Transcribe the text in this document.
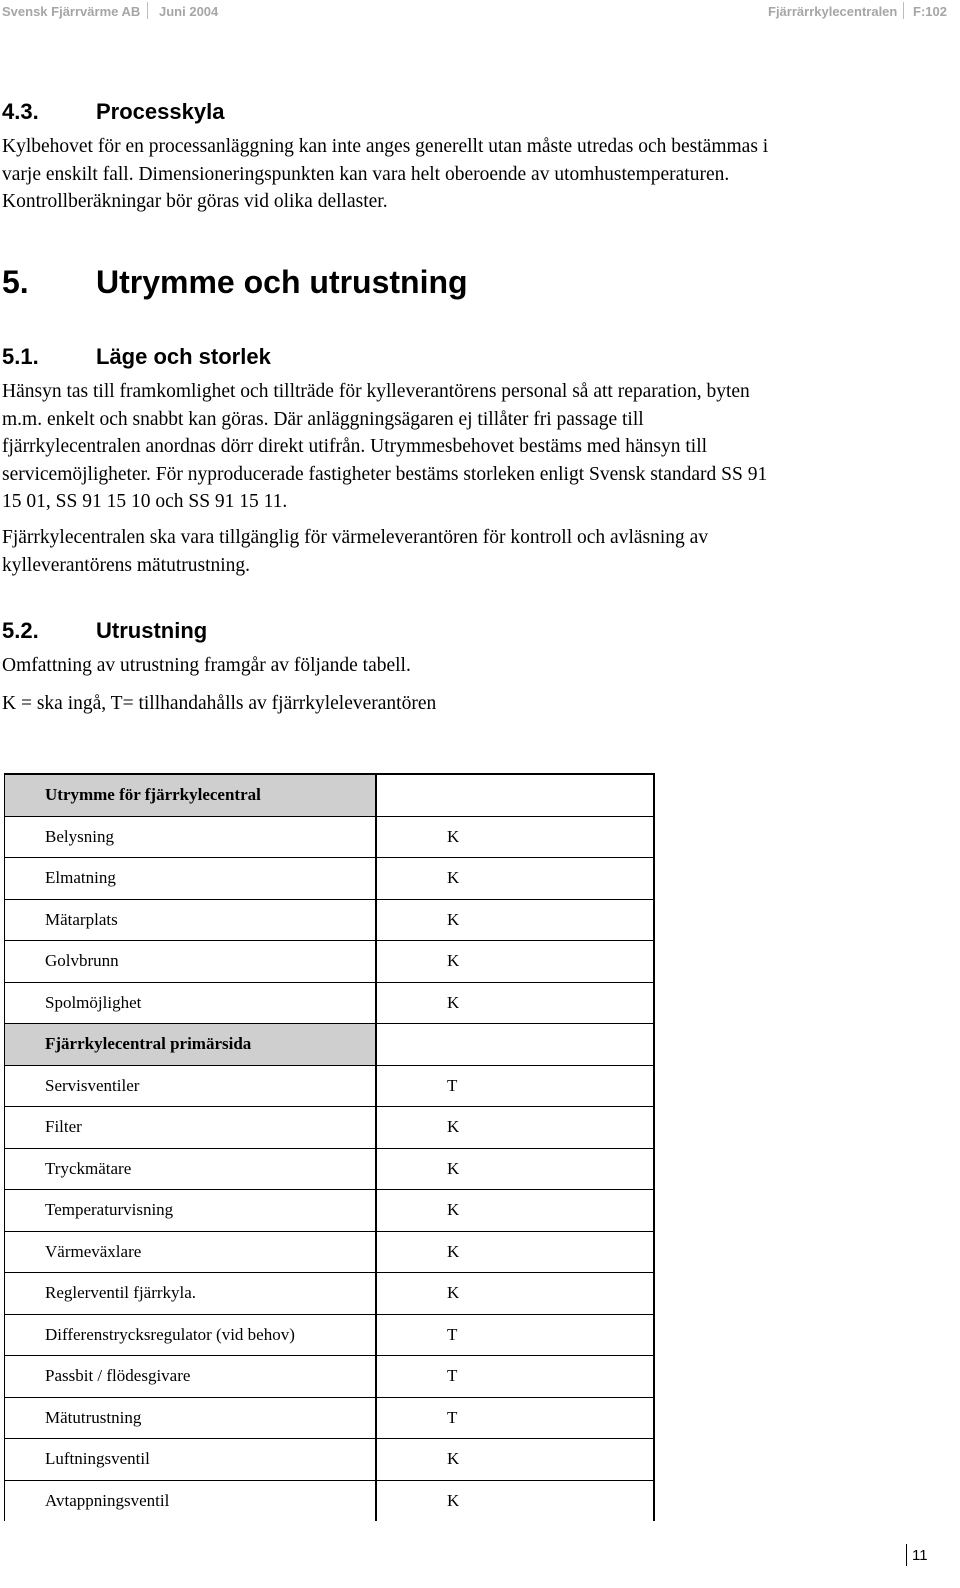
Svensk Fjärrvärme AB Juni 2004	Fjärrärrkylecentralen F:102
4.3.	Processkyla

Kylbehovet för en processanläggning kan inte anges generellt utan måste utredas och bestämmas i varje enskilt fall. Dimensioneringspunkten kan vara helt oberoende av utomhustemperaturen. Kontrollberäkningar bör göras vid olika dellaster.

5. Utrymme och utrustning
5.1.	Läge och storlek

Hänsyn tas till framkomlighet och tillträde för kylleverantörens personal så att reparation, byten m.m. enkelt och snabbt kan göras. Där anläggningsägaren ej tillåter fri passage till fjärrkylecentralen anordnas dörr direkt utifrån. Utrymmesbehovet bestäms med hänsyn till servicemöjligheter. För nyproducerade fastigheter bestäms storleken enligt Svensk standard SS 91 15 01, SS 91 15 10 och SS 91 15 11.

Fjärrkylecentralen ska vara tillgänglig för värmeleverantören för kontroll och avläsning av kylleverantörens mätutrustning.

5.2.	Utrustning

Omfattning av utrustning framgår av följande tabell.

K = ska ingå, T= tillhandahålls av fjärrkyleleverantören

Utrymme för fjärrkylecentral	
Belysning	K
Elmatning	K
Mätarplats	K
Golvbrunn	K
Spolmöjlighet	K
Fjärrkylecentral primärsida	
Servisventiler	T
Filter	K
Tryckmätare	K
Temperaturvisning	K
Värmeväxlare	K
Reglerventil fjärrkyla.	K
Differenstrycksregulator (vid behov)	T
Passbit / flödesgivare	T
Mätutrustning	T
Luftningsventil	K
Avtappningsventil	K
11
